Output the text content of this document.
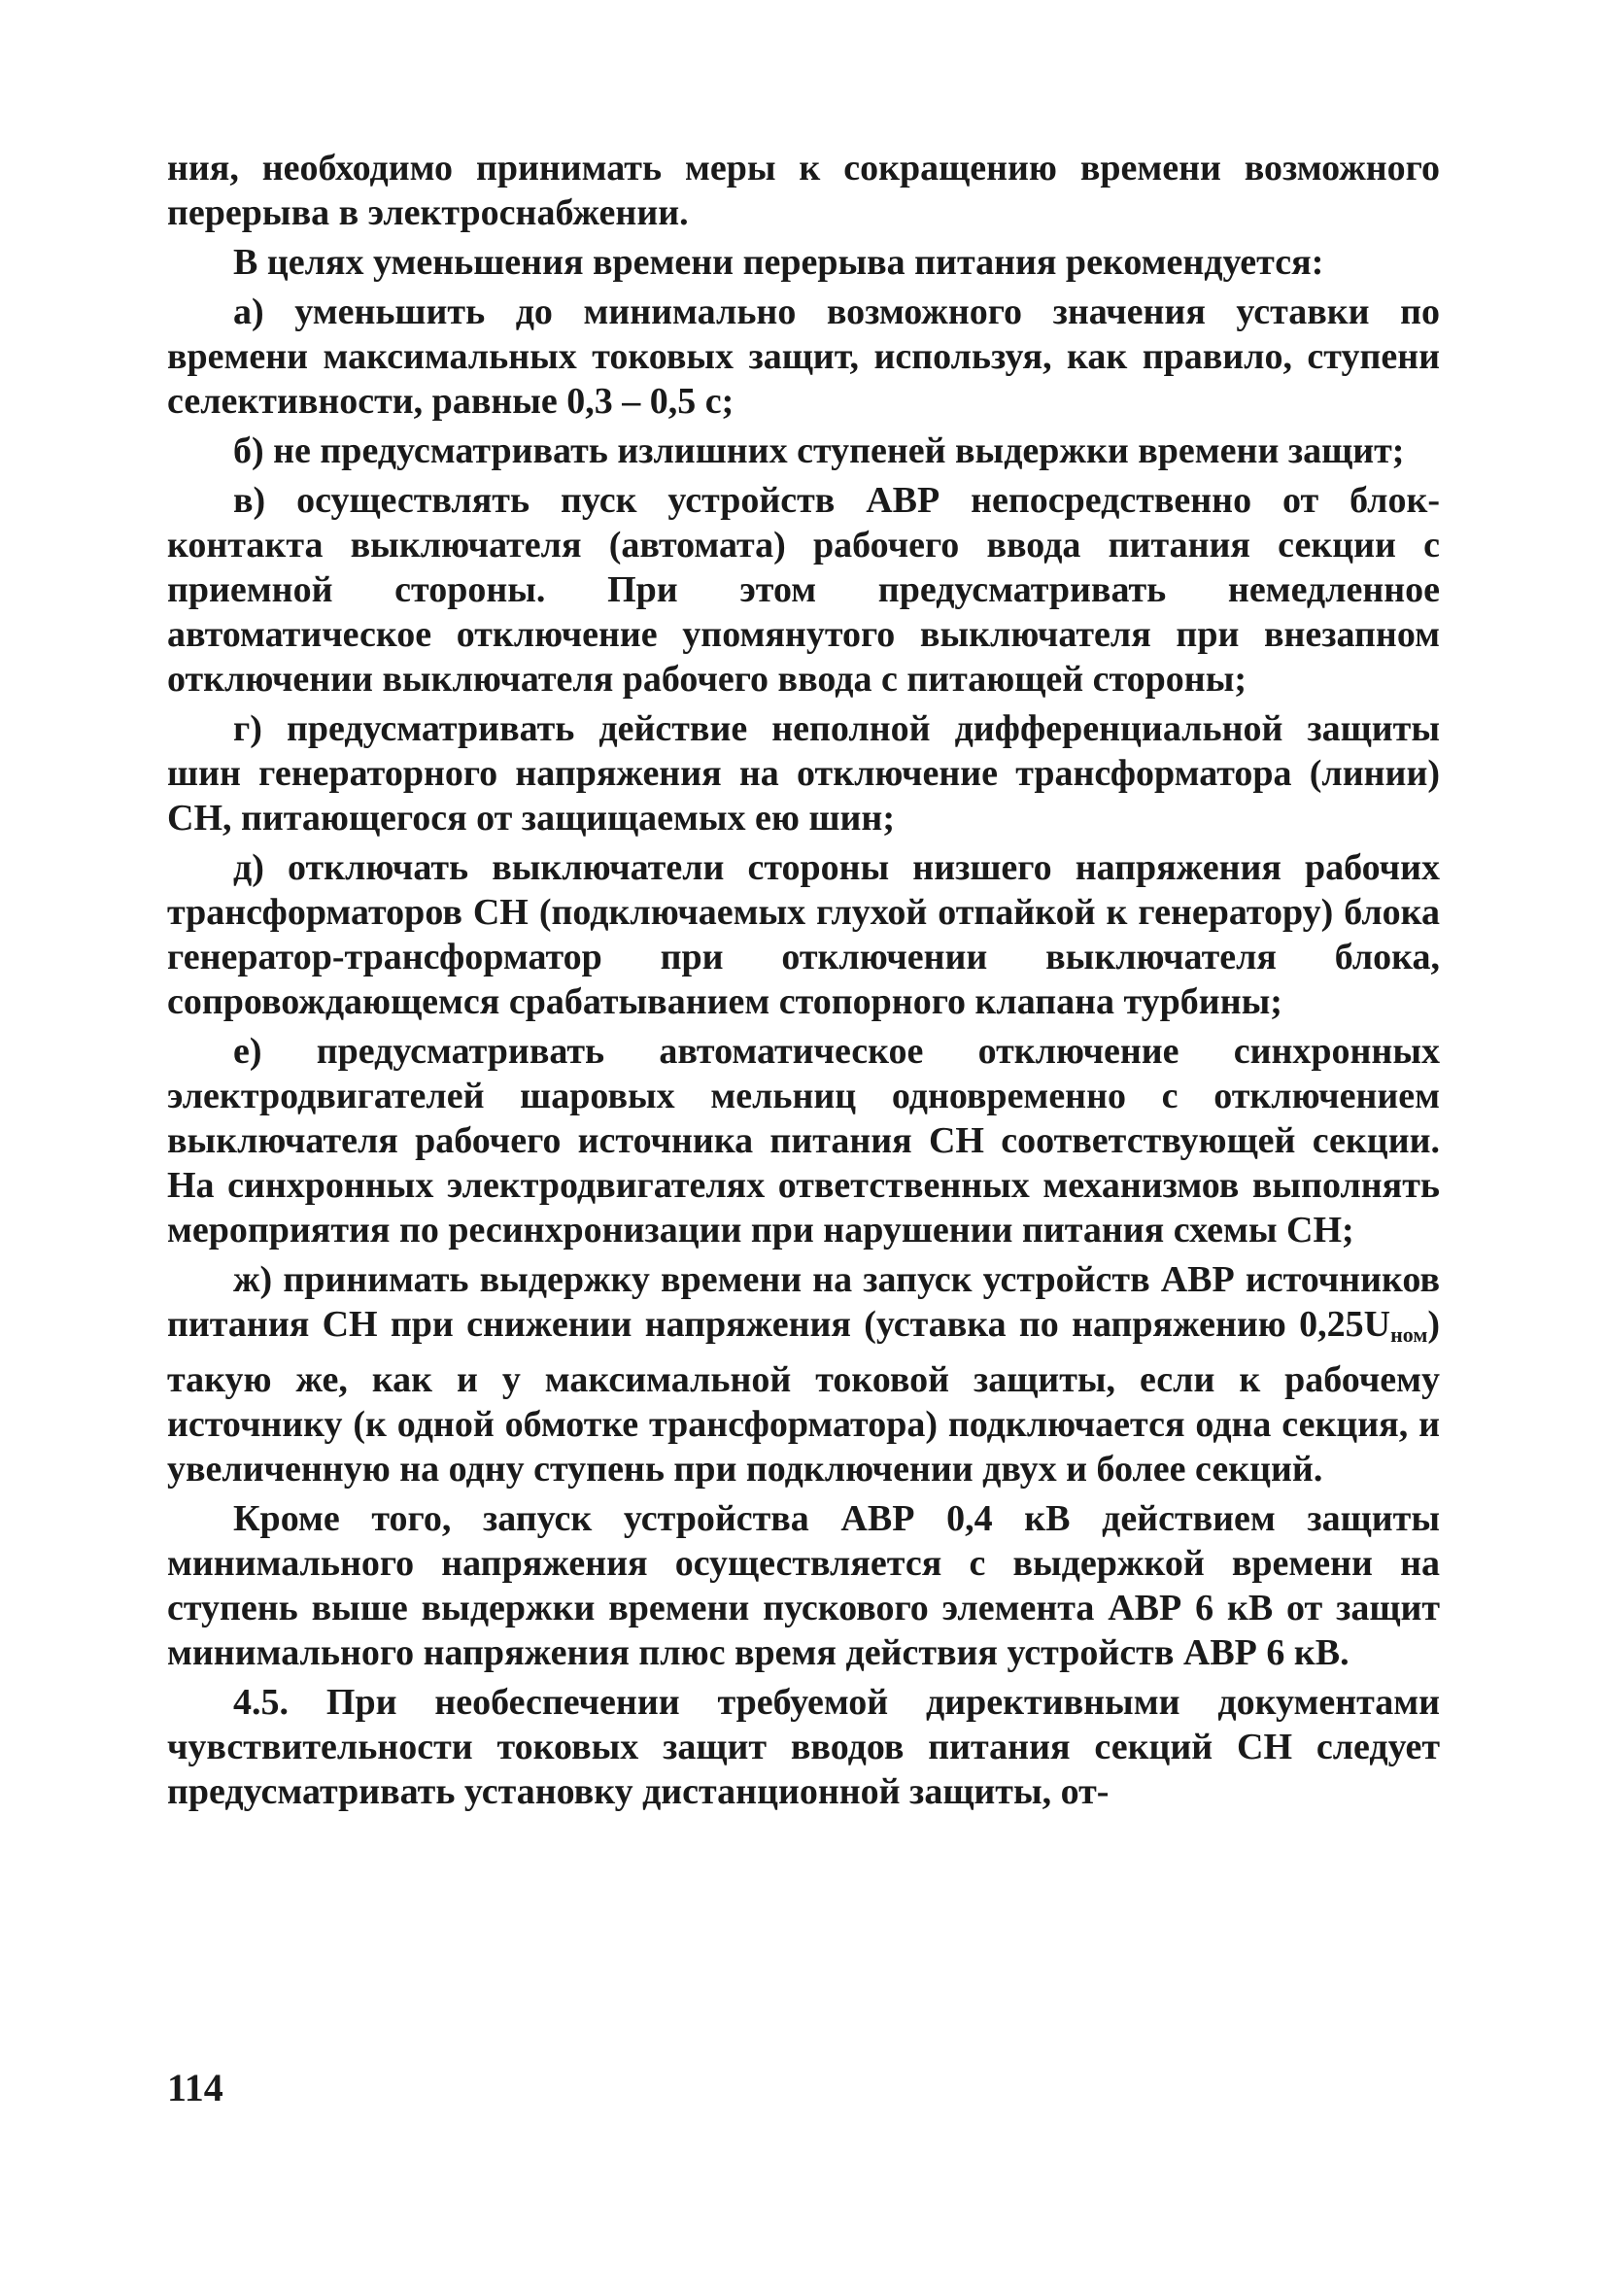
ния, необходимо принимать меры к сокращению времени возможного перерыва в электроснабжении.

В целях уменьшения времени перерыва питания рекомендуется:

а) уменьшить до минимально возможного значения уставки по времени максимальных токовых защит, используя, как правило, ступени селективности, равные 0,3 – 0,5 с;

б) не предусматривать излишних ступеней выдержки времени защит;

в) осуществлять пуск устройств АВР непосредственно от блок-контакта выключателя (автомата) рабочего ввода питания секции с приемной стороны. При этом предусматривать немедленное автоматическое отключение упомянутого выключателя при внезапном отключении выключателя рабочего ввода с питающей стороны;

г) предусматривать действие неполной дифференциальной защиты шин генераторного напряжения на отключение трансформатора (линии) СН, питающегося от защищаемых ею шин;

д) отключать выключатели стороны низшего напряжения рабочих трансформаторов СН (подключаемых глухой отпайкой к генератору) блока генератор-трансформатор при отключении выключателя блока, сопровождающемся срабатыванием стопорного клапана турбины;

е) предусматривать автоматическое отключение синхронных электродвигателей шаровых мельниц одновременно с отключением выключателя рабочего источника питания СН соответствующей секции. На синхронных электродвигателях ответственных механизмов выполнять мероприятия по ресинхронизации при нарушении питания схемы СН;

ж) принимать выдержку времени на запуск устройств АВР источников питания СН при снижении напряжения (уставка по напряжению $0,25U_{ном}$) такую же, как и у максимальной токовой защиты, если к рабочему источнику (к одной обмотке трансформатора) подключается одна секция, и увеличенную на одну ступень при подключении двух и более секций.

Кроме того, запуск устройства АВР 0,4 кВ действием защиты минимального напряжения осуществляется с выдержкой времени на ступень выше выдержки времени пускового элемента АВР 6 кВ от защит минимального напряжения плюс время действия устройств АВР 6 кВ.

4.5. При необеспечении требуемой директивными документами чувствительности токовых защит вводов питания секций СН следует предусматривать установку дистанционной защиты, от-

114
